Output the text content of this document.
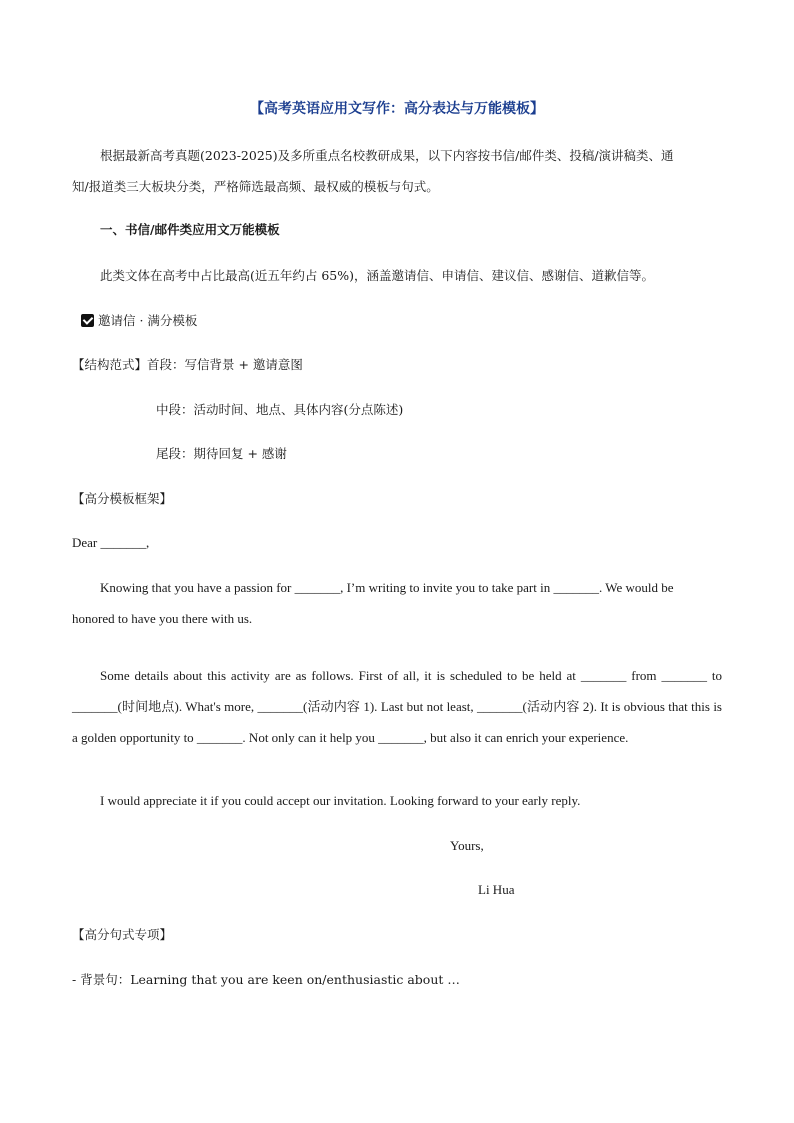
【高考英语应用文写作：高分表达与万能模板】

根据最新高考真题(2023-2025)及多所重点名校教研成果，以下内容按书信/邮件类、投稿/演讲稿类、通

知/报道类三大板块分类，严格筛选最高频、最权威的模板与句式。

一、书信/邮件类应用文万能模板

此类文体在高考中占比最高(近五年约占 65%)，涵盖邀请信、申请信、建议信、感谢信、道歉信等。

邀请信 · 满分模板

【结构范式】首段：写信背景 + 邀请意图

中段：活动时间、地点、具体内容(分点陈述)

尾段：期待回复 + 感谢

【高分模板框架】

Dear _______,

Knowing that you have a passion for _______, I’m writing to invite you to take part in _______. We would be

honored to have you there with us.

Some details about this activity are as follows. First of all, it is scheduled to be held at _______ from _______ to _______(时间地点). What's more, _______(活动内容 1). Last but not least, _______(活动内容 2). It is obvious that this is a golden opportunity to _______. Not only can it help you _______, but also it can enrich your experience.

I would appreciate it if you could accept our invitation. Looking forward to your early reply.

Yours,

Li Hua

【高分句式专项】

- 背景句：Learning that you are keen on/enthusiastic about …
